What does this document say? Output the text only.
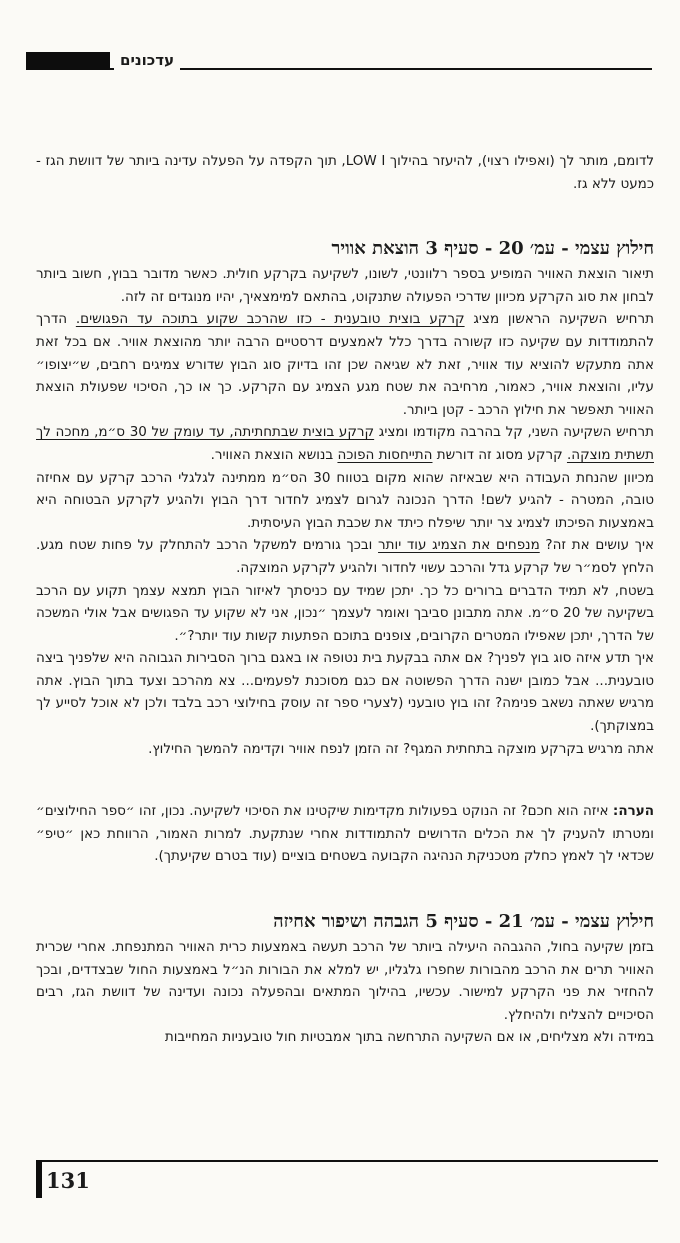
עדכונים

לדומם, מותר לך (ואפילו רצוי), להיעזר בהילוך LOW I, תוך הקפדה על הפעלה עדינה ביותר של דוושת הגז - כמעט ללא גז.

חילוץ עצמי - עמ׳ 20 - סעיף 3 הוצאת אוויר

תיאור הוצאת האוויר המופיע בספר רלוונטי, לשונו, לשקיעה בקרקע חולית. כאשר מדובר בבוץ, חשוב ביותר לבחון את סוג הקרקע מכיוון שדרכי הפעולה שתנקוט, בהתאם למימצאיך, יהיו מנוגדים זה לזה.

תרחיש השקיעה הראשון מציג קרקע בוצית טובענית - כזו שהרכב שקוע בתוכה עד הפגושים. הדרך להתמודדות עם שקיעה כזו קשורה בדרך כלל לאמצעים דרסטיים הרבה יותר מהוצאת אוויר. אם בכל זאת אתה מתעקש להוציא עוד אוויר, זאת לא שגיאה שכן זהו בדיוק סוג הבוץ שדורש צמיגים רחבים, ש״יצופו״ עליו, והוצאת אוויר, כאמור, מרחיבה את שטח מגע הצמיג עם הקרקע. כך או כך, הסיכוי שפעולת הוצאת האוויר תאפשר את חילוץ הרכב - קטן ביותר.

תרחיש השקיעה השני, קל בהרבה מקודמו ומציג קרקע בוצית שבתחתיתה, עד עומק של 30 ס״מ, מחכה לך תשתית מוצקה. קרקע מסוג זה דורשת התייחסות הפוכה בנושא הוצאת האוויר.

מכיוון שהנחת העבודה היא שבאיזה שהוא מקום בטווח 30 הס״מ ממתינה לגלגלי הרכב קרקע עם אחיזה טובה, המטרה - להגיע לשם! הדרך הנכונה לגרום לצמיג לחדור דרך הבוץ ולהגיע לקרקע הבטוחה היא באמצעות הפיכתו לצמיג צר יותר שיפלח כיתד את שכבת הבוץ העיסתית.

איך עושים את זה? מנפחים את הצמיג עוד יותר ובכך גורמים למשקל הרכב להתחלק על פחות שטח מגע. הלחץ לסמ״ר של קרקע גדל והרכב עשוי לחדור ולהגיע לקרקע המוצקה.

בשטח, לא תמיד הדברים ברורים כל כך. יתכן שמיד עם כניסתך לאיזור הבוץ תמצא עצמך תקוע עם הרכב בשקיעה של 20 ס״מ. אתה מתבונן סביבך ואומר לעצמך ״נכון, אני לא שקוע עד הפגושים אבל אולי המשכה של הדרך, יתכן שאפילו המטרים הקרובים, צופנים בתוכם הפתעות קשות עוד יותר?״.

איך תדע איזה סוג בוץ לפניך? אם אתה בבקעת בית נטופה או באגם ברוך הסבירות הגבוהה היא שלפניך ביצה טובענית... אבל כמובן ישנה הדרך הפשוטה אם כגם מסוכנת לפעמים... צא מהרכב וצעד בתוך הבוץ. אתה מרגיש שאתה נשאב פנימה? זהו בוץ טובעני (לצערי ספר זה עוסק בחילוצי רכב בלבד ולכן לא אוכל לסייע לך במצוקתך).

אתה מרגיש בקרקע מוצקה בתחתית המגף? זה הזמן לנפח אוויר וקדימה להמשך החילוץ.

הערה: איזה הוא חכם? זה הנוקט בפעולות מקדימות שיקטינו את הסיכוי לשקיעה. נכון, זהו ״ספר החילוצים״ ומטרתו להעניק לך את הכלים הדרושים להתמודדות אחרי שנתקעת. למרות האמור, הרווחת כאן ״טיפ״ שכדאי לך לאמץ כחלק מטכניקת הנהיגה הקבועה בשטחים בוציים (עוד בטרם שקיעתך).

חילוץ עצמי - עמ׳ 21 - סעיף 5 הגבהה ושיפור אחיזה

בזמן שקיעה בחול, ההגבהה היעילה ביותר של הרכב תעשה באמצעות כרית האוויר המתנפחת. אחרי שכרית האוויר תרים את הרכב מהבורות שחפרו גלגליו, יש למלא את הבורות הנ״ל באמצעות החול שבצדדים, ובכך להחזיר את פני הקרקע למישור. עכשיו, בהילוך המתאים ובהפעלה נכונה ועדינה של דוושת הגז, רבים הסיכויים להצליח ולהיחלץ.

במידה ולא מצליחים, או אם השקיעה התרחשה בתוך אמבטיות חול טובעניות המחייבות

131
